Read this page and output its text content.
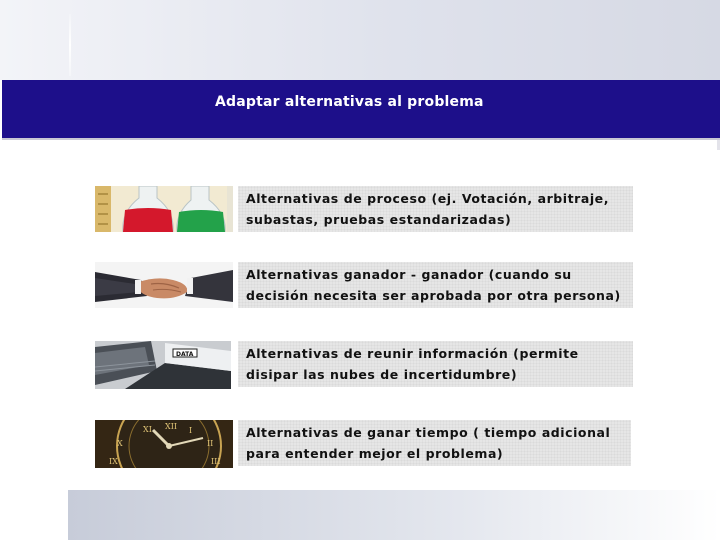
Adaptar alternativas al problema
Alternativas de proceso (ej. Votación, arbitraje,
subastas, pruebas estandarizadas)
Alternativas ganador - ganador (cuando su
decisión necesita ser aprobada por otra persona)
DATA	Alternativas de reunir información (permite
disipar las nubes de incertidumbre)
XI XII I
X	II
IX	III
Alternativas de ganar tiempo ( tiempo adicional
para entender mejor el problema)
